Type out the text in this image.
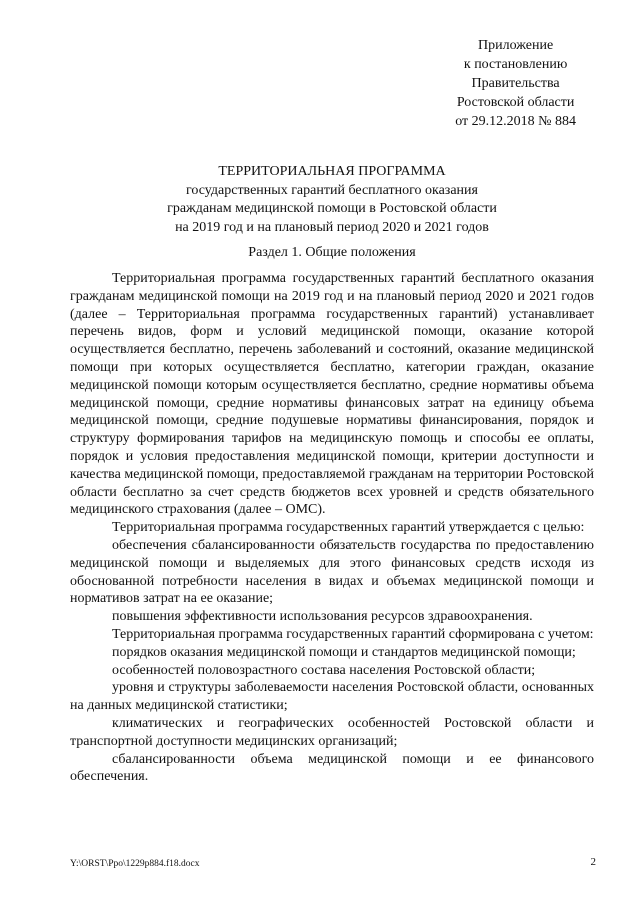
Приложение
к постановлению
Правительства
Ростовской области
от 29.12.2018 № 884
ТЕРРИТОРИАЛЬНАЯ ПРОГРАММА
государственных гарантий бесплатного оказания
гражданам медицинской помощи в Ростовской области
на 2019 год и на плановый период 2020 и 2021 годов
Раздел 1. Общие положения

Территориальная программа государственных гарантий бесплатного оказания гражданам медицинской помощи на 2019 год и на плановый период 2020 и 2021 годов (далее – Территориальная программа государственных гарантий) устанавливает перечень видов, форм и условий медицинской помощи, оказание которой осуществляется бесплатно, перечень заболеваний и состояний, оказание медицинской помощи при которых осуществляется бесплатно, категории граждан, оказание медицинской помощи которым осуществляется бесплатно, средние нормативы объема медицинской помощи, средние нормативы финансовых затрат на единицу объема медицинской помощи, средние подушевые нормативы финансирования, порядок и структуру формирования тарифов на медицинскую помощь и способы ее оплаты, порядок и условия предоставления медицинской помощи, критерии доступности и качества медицинской помощи, предоставляемой гражданам на территории Ростовской области бесплатно за счет средств бюджетов всех уровней и средств обязательного медицинского страхования (далее – ОМС).

Территориальная программа государственных гарантий утверждается с целью:

обеспечения сбалансированности обязательств государства по предоставлению медицинской помощи и выделяемых для этого финансовых средств исходя из обоснованной потребности населения в видах и объемах медицинской помощи и нормативов затрат на ее оказание;

повышения эффективности использования ресурсов здравоохранения.

Территориальная программа государственных гарантий сформирована с учетом:

порядков оказания медицинской помощи и стандартов медицинской помощи;

особенностей половозрастного состава населения Ростовской области;

уровня и структуры заболеваемости населения Ростовской области, основанных на данных медицинской статистики;

климатических и географических особенностей Ростовской области и транспортной доступности медицинских организаций;

сбалансированности объема медицинской помощи и ее финансового обеспечения.

Y:\ORST\Ppo\1229p884.f18.docx	2
